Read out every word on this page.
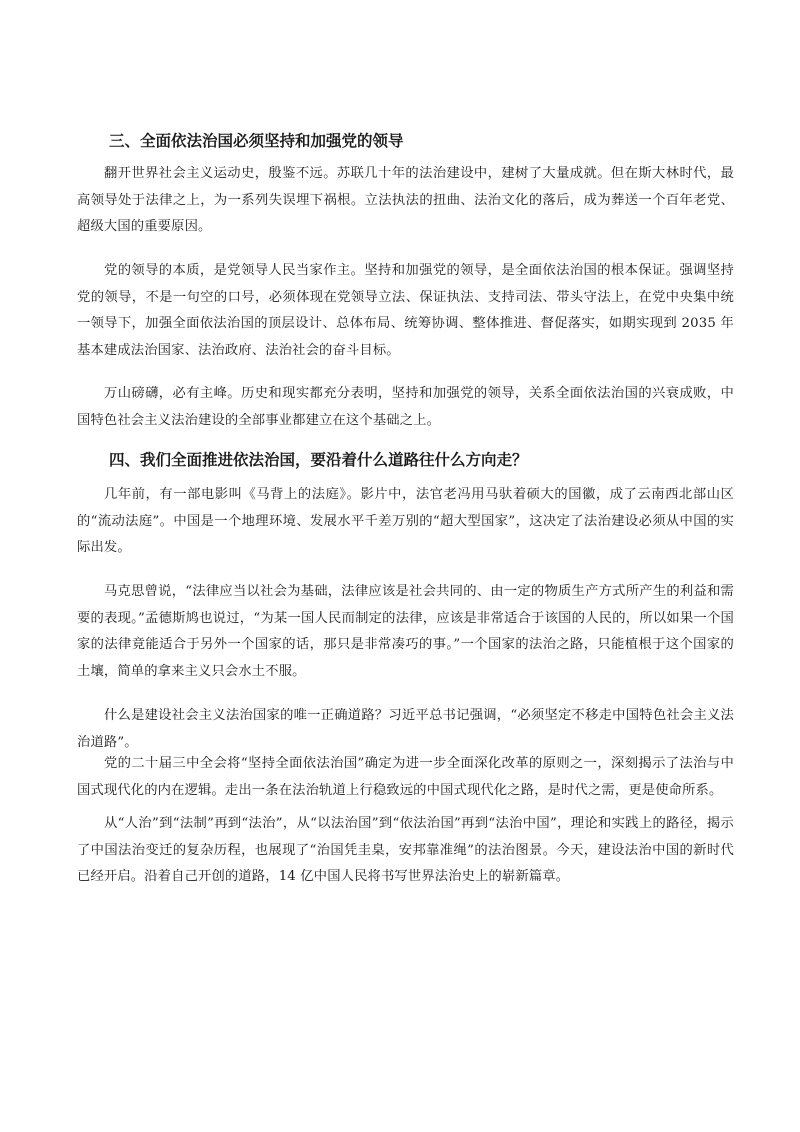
三、全面依法治国必须坚持和加强党的领导

翻开世界社会主义运动史，殷鉴不远。苏联几十年的法治建设中，建树了大量成就。但在斯大林时代，最高领导处于法律之上，为一系列失误埋下祸根。立法执法的扭曲、法治文化的落后，成为葬送一个百年老党、超级大国的重要原因。

党的领导的本质，是党领导人民当家作主。坚持和加强党的领导，是全面依法治国的根本保证。强调坚持党的领导，不是一句空的口号，必须体现在党领导立法、保证执法、支持司法、带头守法上，在党中央集中统一领导下，加强全面依法治国的顶层设计、总体布局、统筹协调、整体推进、督促落实，如期实现到 2035 年基本建成法治国家、法治政府、法治社会的奋斗目标。

万山磅礴，必有主峰。历史和现实都充分表明，坚持和加强党的领导，关系全面依法治国的兴衰成败，中国特色社会主义法治建设的全部事业都建立在这个基础之上。

四、我们全面推进依法治国，要沿着什么道路往什么方向走？

几年前，有一部电影叫《马背上的法庭》。影片中，法官老冯用马驮着硕大的国徽，成了云南西北部山区的“流动法庭”。中国是一个地理环境、发展水平千差万别的“超大型国家”，这决定了法治建设必须从中国的实际出发。

马克思曾说，“法律应当以社会为基础，法律应该是社会共同的、由一定的物质生产方式所产生的利益和需要的表现。”孟德斯鸠也说过，“为某一国人民而制定的法律，应该是非常适合于该国的人民的，所以如果一个国家的法律竟能适合于另外一个国家的话，那只是非常凑巧的事。”一个国家的法治之路，只能植根于这个国家的土壤，简单的拿来主义只会水土不服。

什么是建设社会主义法治国家的唯一正确道路？习近平总书记强调，“必须坚定不移走中国特色社会主义法治道路”。

党的二十届三中全会将“坚持全面依法治国”确定为进一步全面深化改革的原则之一，深刻揭示了法治与中国式现代化的内在逻辑。走出一条在法治轨道上行稳致远的中国式现代化之路，是时代之需，更是使命所系。

从“人治”到“法制”再到“法治”，从“以法治国”到“依法治国”再到“法治中国”，理论和实践上的路径，揭示了中国法治变迁的复杂历程，也展现了“治国凭圭臬，安邦靠准绳”的法治图景。今天，建设法治中国的新时代已经开启。沿着自己开创的道路，14 亿中国人民将书写世界法治史上的崭新篇章。
